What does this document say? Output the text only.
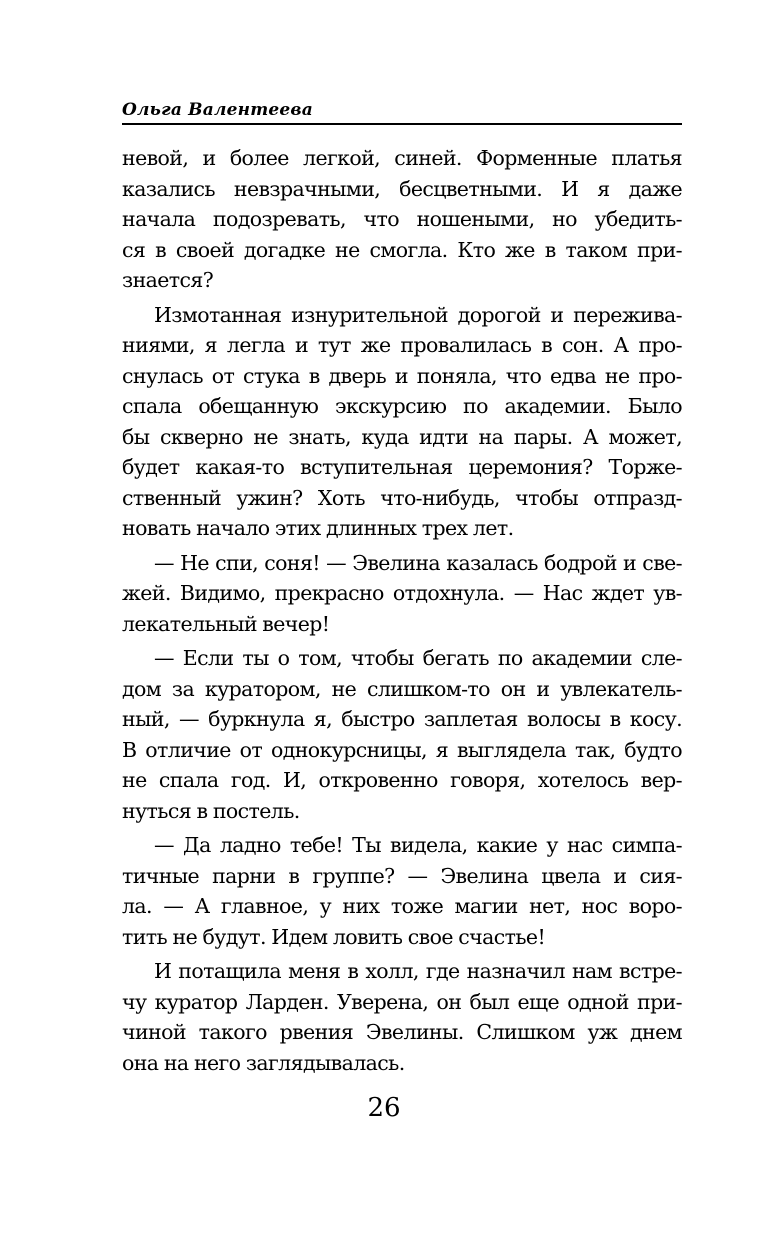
Ольга Валентеева
невой, и более легкой, синей. Форменные платья
казались невзрачными, бесцветными. И я даже
начала подозревать, что ношеными, но убедить-
ся в своей догадке не смогла. Кто же в таком при-
знается?
Измотанная изнурительной дорогой и пережива-
ниями, я легла и тут же провалилась в сон. А про-
снулась от стука в дверь и поняла, что едва не про-
спала обещанную экскурсию по академии. Было
бы скверно не знать, куда идти на пары. А может,
будет какая-то вступительная церемония? Торже-
ственный ужин? Хоть что-нибудь, чтобы отпразд-
новать начало этих длинных трех лет.
— Не спи, соня! — Эвелина казалась бодрой и све-
жей. Видимо, прекрасно отдохнула. — Нас ждет ув-
лекательный вечер!
— Если ты о том, чтобы бегать по академии сле-
дом за куратором, не слишком-то он и увлекатель-
ный, — буркнула я, быстро заплетая волосы в косу.
В отличие от однокурсницы, я выглядела так, будто
не спала год. И, откровенно говоря, хотелось вер-
нуться в постель.
— Да ладно тебе! Ты видела, какие у нас симпа-
тичные парни в группе? — Эвелина цвела и сия-
ла. — А главное, у них тоже магии нет, нос воро-
тить не будут. Идем ловить свое счастье!
И потащила меня в холл, где назначил нам встре-
чу куратор Ларден. Уверена, он был еще одной при-
чиной такого рвения Эвелины. Слишком уж днем
она на него заглядывалась.
26
